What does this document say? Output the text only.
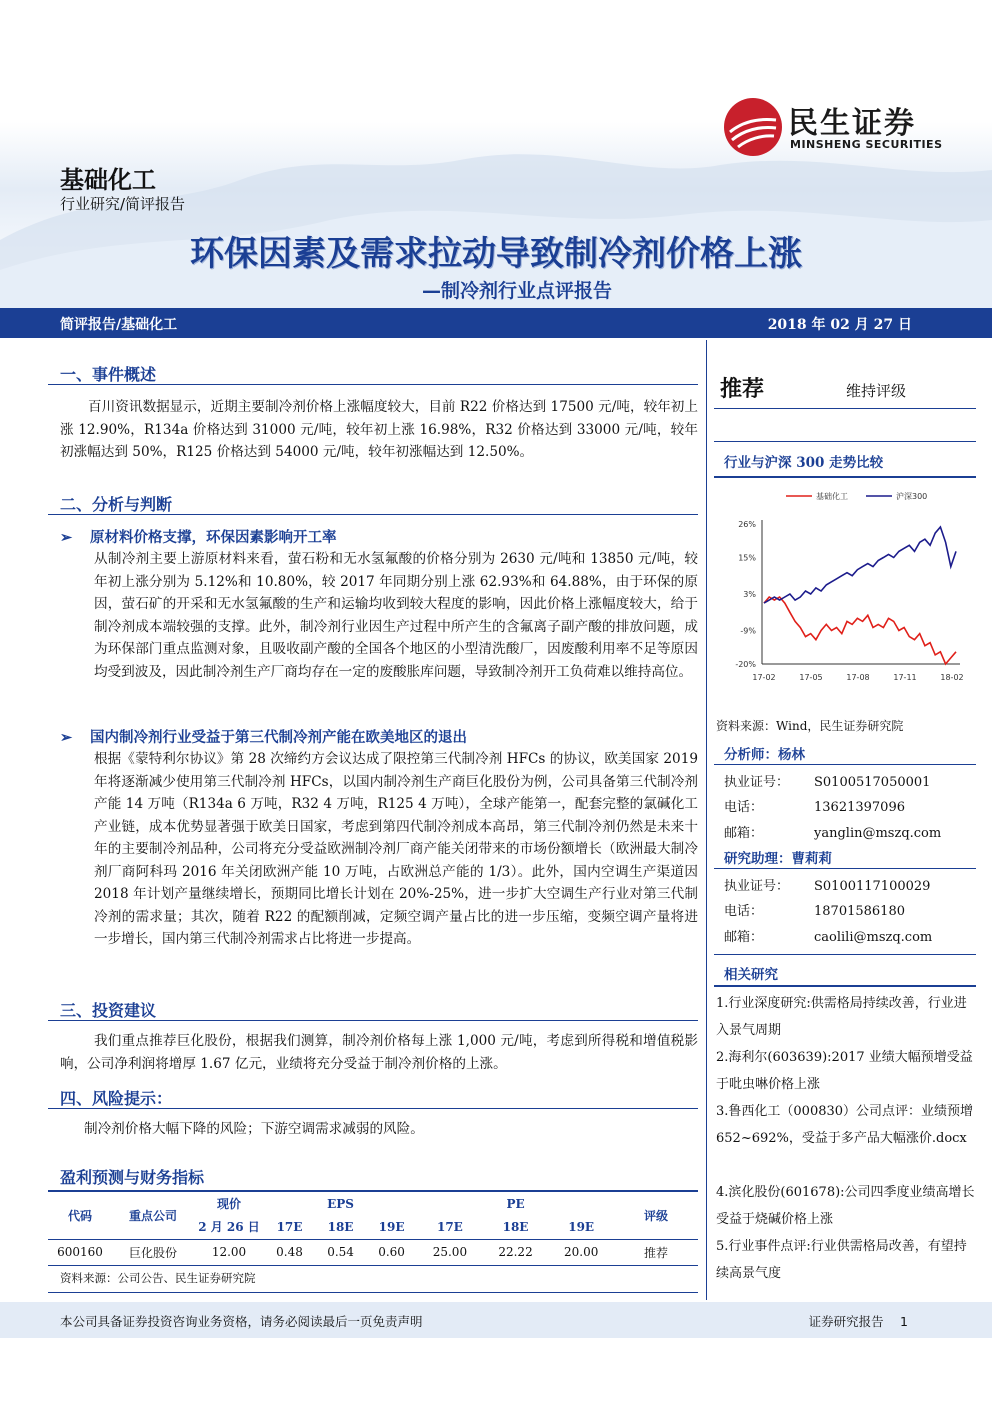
民生证券
MINSHENG SECURITIES
基础化工
行业研究/简评报告
环保因素及需求拉动导致制冷剂价格上涨
—制冷剂行业点评报告
简评报告/基础化工	2018 年 02 月 27 日
一、事件概述
百川资讯数据显示，近期主要制冷剂价格上涨幅度较大，目前 R22 价格达到 17500 元/吨，较年初上涨 12.90%，R134a 价格达到 31000 元/吨，较年初上涨 16.98%，R32 价格达到 33000 元/吨，较年初涨幅达到 50%，R125 价格达到 54000 元/吨，较年初涨幅达到 12.50%。
二、分析与判断
➢ 原材料价格支撑，环保因素影响开工率
从制冷剂主要上游原材料来看，萤石粉和无水氢氟酸的价格分别为 2630 元/吨和 13850 元/吨，较年初上涨分别为 5.12%和 10.80%，较 2017 年同期分别上涨 62.93%和 64.88%，由于环保的原因，萤石矿的开采和无水氢氟酸的生产和运输均收到较大程度的影响，因此价格上涨幅度较大，给于制冷剂成本端较强的支撑。此外，制冷剂行业因生产过程中所产生的含氟离子副产酸的排放问题，成为环保部门重点监测对象，且吸收副产酸的全国各个地区的小型清洗酸厂，因废酸利用率不足等原因均受到波及，因此制冷剂生产厂商均存在一定的废酸胀库问题，导致制冷剂开工负荷难以维持高位。
➢ 国内制冷剂行业受益于第三代制冷剂产能在欧美地区的退出
根据《蒙特利尔协议》第 28 次缔约方会议达成了限控第三代制冷剂 HFCs 的协议，欧美国家 2019 年将逐渐减少使用第三代制冷剂 HFCs，以国内制冷剂生产商巨化股份为例，公司具备第三代制冷剂产能 14 万吨（R134a 6 万吨，R32 4 万吨，R125 4 万吨），全球产能第一，配套完整的氯碱化工产业链，成本优势显著强于欧美日国家，考虑到第四代制冷剂成本高昂，第三代制冷剂仍然是未来十年的主要制冷剂品种，公司将充分受益欧洲制冷剂厂商产能关闭带来的市场份额增长（欧洲最大制冷剂厂商阿科玛 2016 年关闭欧洲产能 10 万吨，占欧洲总产能的 1/3）。此外，国内空调生产渠道因 2018 年计划产量继续增长，预期同比增长计划在 20%-25%，进一步扩大空调生产行业对第三代制冷剂的需求量；其次，随着 R22 的配额削减，定频空调产量占比的进一步压缩，变频空调产量将进一步增长，国内第三代制冷剂需求占比将进一步提高。
三、投资建议
我们重点推荐巨化股份，根据我们测算，制冷剂价格每上涨 1,000 元/吨，考虑到所得税和增值税影响，公司净利润将增厚 1.67 亿元，业绩将充分受益于制冷剂价格的上涨。
四、风险提示：
制冷剂价格大幅下降的风险；下游空调需求减弱的风险。
盈利预测与财务指标
代码	重点公司	现价	EPS			PE			评级
		2 月 26 日	17E	18E	19E	17E	18E	19E	
600160	巨化股份	12.00	0.48	0.54	0.60	25.00	22.22	20.00	推荐
资料来源：公司公告、民生证券研究院
推荐	维持评级
行业与沪深 300 走势比较
26%
15%
3%
-9%
-20%
17-02	17-05	17-08	17-11	18-02
基础化工	沪深300
资料来源：Wind，民生证券研究院
分析师：杨林
执业证号： S0100517050001
电话：	13621397096
邮箱：	yanglin@mszq.com
研究助理：曹莉莉
执业证号： S0100117100029
电话：	18701586180
邮箱：	caolili@mszq.com
相关研究
1.行业深度研究:供需格局持续改善，行业进入景气周期
2.海利尔(603639):2017 业绩大幅预增受益于吡虫啉价格上涨
3.鲁西化工（000830）公司点评：业绩预增 652~692%，受益于多产品大幅涨价.docx
4.滨化股份(601678):公司四季度业绩高增长受益于烧碱价格上涨
5.行业事件点评:行业供需格局改善，有望持续高景气度
本公司具备证券投资咨询业务资格，请务必阅读最后一页免责声明	证券研究报告　 1
